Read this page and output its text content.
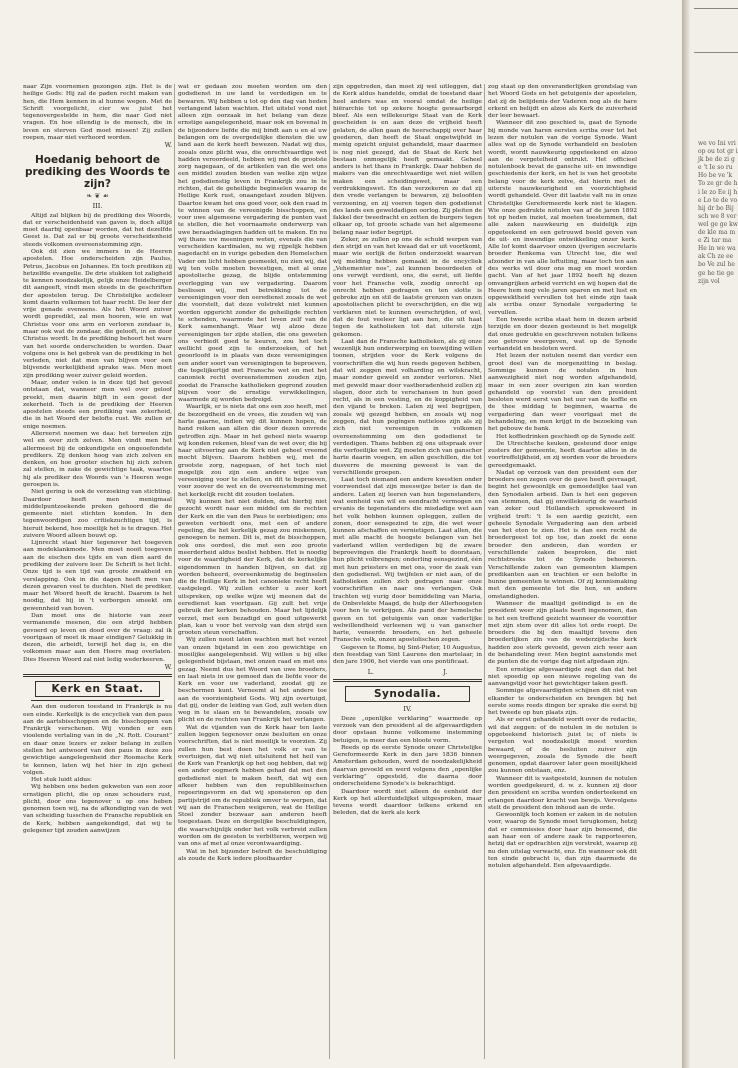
naar Zijn voornemen gezongen zijn. Het is de heilige Gods: Hij zal de paden recht maken van hen, die Hem kennen in al hunne wegen. Met de Schrift voorgelicht, cier we juist het tegenovergestelde in hem, die naar God niet vragen. En hoe ellendig is de mensch, die in leven en sterven God moet missen! Zij zullen roepen, maar niet verhoord worden.

W.

Hoedanig behoort de prediking des Woords te zijn?
❧ ❦ ☙
III.

Altijd zal blijken bij de prediking des Woords, dat er verscheidenheid van gaven is, doch altijd moet daarbij openbaar worden, dat het dezelfde Geest is. Dat zal er bij groote verscheidenheid steeds volkomen overeenstemming zijn.

Ook dit zien we immers in de Heeren apostelen. Hoe onderscheiden zijn Paulus, Petrus, Jacobus en Johannes. En toch prediken zij hetzelfde evangelie. De drie stukken tot zaligheid te kennen noodzakelijk, gelijk onze Heidelberger dit aangeeft, vindt men steeds in de geschriften der apostelen terug. De Christelijke acdeleer komt daarin volkomen tot haar recht. De leer der vrije genade eveneens. Als het Woord zuiver wordt gepredikt, zal men hooren, wie en wat Christus voor ons arm en verloren zondaar is, maar ook wat de zondaar, die gelooft, in en door Christus wordt. In de prediking behoort het ware van het soorde onderscheiden te worden. Daar volgens ons is het gebrek van de prediking in het verleden, niet dat men van blijven voor een blijvende werkelijkheid sprake was. Men moet zijn prediking weer zuiver geleid worden.

Maar, onder velen is in deze tijd het gevoel ontstaan dat, wanneer men wel over geloof preekt, men daarin blijft in een geest der zekerheid. Toch is de prediking der Heeren apostelen steeds een prediking van zekerheid, die in het Woord der belofte rust. We zullen er enige noemen.

Allereerst noemen we daa: het terwelen zijn wel en over zich zelven. Men vindt men het allermeest bij de onkundigste en ongeoefendste predikers. Zij denken hoog van zich zelven en denken, en hoe grooter eischen hij zich zelven zal stellen, in zake de gewichtige taak, waartoe hij als prediker des Woords van 's Heeren wege geroepen is.

Niet gering is ook de verzoeking van stichting. Daardoor heeft men menigmaal middelpuntzoekende preken gehoord die de gemeente niet stichten konden. In den tegenwoordigen zoo critiekzuchtigen tijd, is hieruit bekend, hoe moeilijk het is te dragen. Het zuivere Woord alleen bouwt op.

Lijnrecht staat hier tegenover het toegeven aan modeklankmode. Men moet nooit toegeven aan de eischen des tijds en van dien aard de prediking der zuivere leer. De Schrift is het licht. Onze tijd is een tijd van groote zwakheid en verslapping. Ook in die dagen heeft men van dezen gevaren veel te duchten. Niet de prediker, maar het Woord heeft de kracht. Daarom is het noodig, dat hij in 't verborgen smeekt om gewennheid van boven.

Dan moet ons de historie van zeer vermanende meenen, die een strijd hebben gevoerd op leven en dood over de vraag: zal ik voortgaan of moet ik maar eindigen? Gelukkig in dezen, die arbeidt, terwijl het dag is, en die volkomen maar aan den Heere mag overlaten. Dies Heeren Woord zal niet ledig wederkeeren.

W.

Kerk en Staat.

Aan den ouderen toestand in Frankrijk is nu een einde. Kerkelijk is de encycliek van den paus aan de aartsbisschoppen en de bisschoppen van Frankrijk verschenen. Wij vonden er een vioolende vertaling van in de „N. Rott. Courant” en daar onze lezers er zeker belang in zullen stellen het antwoord van den paus in deze zoo gewichtige aangelegenheid der Roomsche Kerk te kennen, laten wij het hier in zijn geheel volgen.

Het stuk luidt aldus:

Wij hebben ons heden gekweten van een zoor ernstigen plicht, die op onze schouders rust, plicht, door ons tegenover u op ons heben genomen toen wij, na de afkondiging van de wet van scheiding tusschen de Fransche republiek en de Kerk, hebben aangekondigd, dat wij te gelegener tijd zouden aanwijzen

wat er gedaan zou moeten worden om den godsdienst in uw land te verdedigen en te bewaren. Wij hebben u tot op den dag van heden verlangend laten wachten. Het uitstel vond niet alleen zijn oorzaak in het belang van deze ernstige aangelegenheid, maar ook en bovenal in de bijzondere liefde die mij bindt aan u en al uw belangen om de overgedelijke diensten die uw land aan de kerk heeft bewezen. Nadat wij dus, zooals onze plicht was, die onrechtvaardige wet hadden veroordeeld, hebben wij met de grootste zorg nagegaan, of de artikelen van die wet ons een middel zouden bieden van welke zijn wijze het godsdienstig leven in Frankrijk zou in te richten, dat de geheiligde beginselen waarop de Heilige Kerk rust, onaangetast zouden blijven. Daartoe kwam het ons goed voor, ook den raad in te winnen van de vereenigde bisschoppen, en voor uwe algemeene vergadering de punten vast te stellen, die het voornaamste onderwerp van uwe beraadslagingen hadden uit te maken. En nu wij thans uw meeningen weten, evenals die van verscheiden kardinalen, nu wij rijpelijk hebben nagedacht en in vurige gebeden den Hemelschen Vader om licht hebben gesmeekt, nu zien wij, dat wij ten volle moeten bevestigen, met al onze apostolische gezag, de blijde ontstemming overlegging van uw vergadering. Daarom beslissen wij, met betrekking tot de vereenigingen voor den eeredienst zooals de wet die voorstelt, dat deze volstrekt niet kunnen worden opgericht zonder de geheiligde rechten te schenden, waarmede het leven zelf van de Kerk samenhangt. Waar wij alzoo deze vereenigingen ter zijde stellen, die ons geweten ons verbiedt goed te keuren, zou het toch wellicht goed zijn te onderzoeken, of het geoorloofd is in plaats van deze vereenigingen een ander soort van vereenigingen te beproeven, die tegelijkertijd met Fransche wet en met het canoniek recht overeenstemmen zouden zijn, zoodat de Fransche katholieken gegrond zouden blijven voor de ernstige verwikkelingen, waarmede zij worden bedreigd.

Waarlijk, er is niets dat ons een zoo heeft, met de bezorgdheid en de vrees, die zouden wij van harte gaarne, indien wij dit kunnen hopen, de hand reiken aan allen die door dezen onvrede getroffen zijn. Maar in het geheel niets waarop wij konden rekenen, bleef van de wet over, die bij haar uitvoering aan de Kerk niet geheel vreemd mocht blijven. Daarom hebben wij, met de grootste zorg, nagegaan, of het toch niet mogelijk zou zijn een andere wijze van vereeniging voor te stellen, en dit te beproeven, voor zoover de wet en de overeenstemming met het kerkelijk recht dit zouden toelaten.

Wij kunnen het niet dulden, dat hierbij niet gezocht wordt naar een middel om de rechten der Kerk en die van den Paus te eerbiedigen; ons geweten verbiedt ons, met een of andere regeling, die het kerkelijk gezag zou miskennen, genoegen te nemen. Dit is, met de bisschoppen, ook ons oordeel, die met een zoo groote meerderheid aldus beslist hebben. Het is noodig voor de waardigheid der Kerk, dat de kerkelijke eigendommen in handen blijven, en dat zij worden beheerd, overeenkomstig de beginselen die de Heilige Kerk in het canonieke recht heeft vastgelegd. Wij zullen echter u zeer kort uitspreken, op welke wijze wij meenen dat de eeredienst kan voortgaan. Gij zult het vrije gebruik der kerken behouden. Maar het lijdelijk verzet, met een bezadigd en goed uitgewerkt plan, kan u voor het vervolg van den strijd een grooten steun verschaffen.

Wij zullen nooit laten wachten met het verzet van onzen bijstand in een zoo gewichtige en moeilijke aangelegenheid. Wij willen u bij elke gelegenheid bijstaan, met onzen raad en met ons gezag. Neemt dus het Woord van uwe broeders, en laat niets in uw gemoed dan de liefde voor de Kerk en voor uw vaderland, zoodat gij ze beschermen kunt. Verneemt al het andere toe aan de voorzienigheid Gods. Wij zijn overtuigd, dat gij, onder de leiding van God, zult weten dien weg in te slaan en te bewandelen, zooals uw plicht en de rechten van Frankrijk het verlangen.

Wat de vijanden van de Kerk haar ten laste zullen leggen tegenover onze besluiten en onze voorschriften, dat is niet moeilijk te voorzien. Zij zullen hun best doen het volk er van te overtuigen, dat wij niet uitsluitend het heil van de Kerk van Frankrijk op het oog hebben, dat wij een ander oogmerk hebben gehad dat met den godsdienst niet te maken heeft, dat wij een afkeer hebben van den republikeinschen regeeringsvorm en dat wij sponsieren op den partijstrijd om de republiek omver te werpen, dat wij aan de Franschen weigeren, wat de Heilige Stoel zonder bezwaar aan anderen heeft toegestaan. Deze en dergelijke beschuldigingen, die waarschijnlijk onder het volk verbreid zullen worden om de geesten te verbitteren, werpen wij van ons af met al onze verontwaardiging.

Wat in het bijzonder betreft de beschuldiging als zoude de Kerk iedere plooibaarder

zijn opgetreden, dan moet zij wel uitleggen, dat de Kerk aldus handelde, omdat de toestand daar heel anders was en vooral omdat de heilige hiërarchie tot op zekere hoogte gewaarborgd bleef. Als een willekeurige Staat van de Kerk gescheiden is en aan deze de vrijheid heeft gelaten, de allen gaan de heerschappij over haar goederen, dan heeft de Staat ongetwijfeld in menig opzicht onjuist gehandeld, maar daarmee is nog niet gezegd, dat de Staat de Kerk het bestaan onmogelijk heeft gemaakt. Geheel anders is het thans in Frankrijk. Daar hebben de makers van die onrechtvaardige wet niet willen maken een scheidingswet, maar een verdrukkingswet. En dan verzekeren ze dat zij den vrede verlangen te bewaren, zij beloofden verzoening, en zij voeren tegen den godsdienst des lands een geweldadigen oorlog. Zij pleiten de fakkel der tweedracht en zetten de burgers tegen elkaar op, tot groote schade van het algemeene belang naar ieder begrijpt.

Zeker, ze zullen op ons de schuld werpen van den strijd en van het kwaad dat er uit voortkomt, maar wie eerlijk de feiten onderzoekt waarvan wij melding hebben gemaakt in de encycliek „Vehementer nos”, zal kunnen beoordeelen of ons verwijt verdient, ons, die eerst, uit liefde voor het Fransche volk, zoodig onrecht op onrecht hebben gedragen en ten slotte is gebroke zijn en stil de laatste grenzen van onzen apostolischen plicht te overschrijden, en die wij verklaren niet te kunnen overschrijden, of wel, dat de fout veeleer ligt aan hen, die uit haat tegen de katholieken tot dat uiterste zijn gekomen.

Laat dan de Fransche katholieken, als zij onze wezenlijk hun onderwerping en toewijding willen toonen, strijden voor de Kerk volgens de voorschriften die wij hun reeds gegeven hebben, dat wil zeggen met volharding en wilskracht, maar zonder geweld en zonder verloren. Niet met geweld maar door vastberadenheid zullen zij slagen, door zich te verschansen in hun goed recht, als in een vesting, en de koppigheid van den vijand te breken. Laten zij wel begrijpen, zooals wij gezegd hebben, en zooals wij nog zeggen, dat hun pogingen nutteloos zijn als zij zich niet vereenigen in volkomen overeenstemming om den godsdienst te verdedigen. Thans hebben zij ons uitspraak over die verfoeilijke wet. Zij moeten zich van ganscher harte daarin voegen, en allen geschillen, die tot dusverre de meening geweest is van de verschillende groepen.

Laat toch niemand een andere kwestien onder voorwendsel dat zijn meeswijze beter is dan de andere. Laten zij leeren van hun tegenstanders, wat eenheid van wil en eendracht vermogen en ervanis de tegenstanders die misdadige wet aan het volk hebben kunnen opleggen, zullen de zonen, door eensgezind te zijn, die wet weer kunnen afschaffen en vernietigen. Laat allen, die met alle macht de hoogste belangen van het vaderland willen verdedigen bij de zware beproevingen die Frankrijk heeft te doorstaan, hun plicht volbrengen; onderling eensgezind, één met hun priesters en met ons, voor de zaak van den godsdienst. Wij twijfelen er niet aan, of de katholieken zullen zich gedragen naar onze voorschriften en naar ons verlangen. Ook trachten wij vurig door bemiddeling van Maria, de Onbevlekte Maagd, de hulp der Allerhoogsten voor hen te verkrijgen. Als pand der hemelsche gaven en tot getuigenis van onze vaderlijke welwillendheid verleenen wij u van ganscher harte, veneerde broeders, en het geheele Fransche volk, onzen apostolischen zegen.

Gegeven te Rome, bij Sint-Pieter, 10 Augustus, den feestdag van Sint Laurens den martelaar, in den jare 1906, het vierde van ons pontificaat.

L.	J.
Synodalia.
IV.

Deze „openlijke verklaring” waarmede op verzoek van den president al de afgevaardigden door opstaan hunne volkomene instemming betuigen, is meer dan een bloote vorm.

Reeds op de eerste Synode onzer Christelijke Gereformeerde Kerk in den jare 1836 binnen Amsterdam gehouden, werd de noodzakelijkheid daarvan gevoeld en werd volgens den „openlijke verklaring” opgesteld, die daarna door onderscheidene Synode's is bekrachtigd.

Daardoor wordt niet alleen de eenheid der Kerk op het allerduidelijkst uitgesproken, maar tevens wordt daardoor telkens erkend en beleden, dat de kerk als kerk

zog staat op den onveranderlijken grondslag van het Woord Gods en het getuigenis der apostelen, dat zij de belijdenis der Vaderen nog als de hare erkent en belijdt en alzoo als Kerk de zuiverheid der leer bewaart.

Wanneer dit zoo geschied is, gaat de Synode bij monde van haren eersten scriba over tot het lezen der notulen van de vorige Synode. Want alles wat op de Synode verhandeld en besloten wordt, wordt nauwkeurig opgeteekend en alzoo aan de vergetelheid ontrukt. Het officieel notulenboek bevat de gansche uit- en inwendige geschiedenis der kerk, en het is van het grootste belang voor de kerk zelve, dat hierin met de uiterste nauwkeurigheid en voorzichtigheid wordt gehandeld. Over dit laatste valt nu in onze Christelijke Gereformeerde kerk niet te klagen. Wie onze gedrukte notulen van af de jaren 1892 tot op heden inziet, zal moeten toestemmen, dat alle zaken nauwkeurig en duidelijk zijn opgeteekend en een getrouwd beeld geven van de uit- en inwendige ontwikkeling onzer kerk. Alle lof komt daarvoor onzen ijverigen secretaris broeder Renkema van Utrecht toe, die wel afzonder in van alle loftuiting, maar toch ten aan des werks wil door ons mag en moet worden gacht. Van af het jaar 1892 heeft hij dezen omvangrijken arbeid verricht en wij hopen dat de Heere hem nog vele jaren sparen en met lust en opgewektheid vervullen tot het einde zijn taak als scriba onzer Synodale vergadering te vervullen.

Een tweede scriba staat hem in dezen arbeid terzijde en door dezen gesteund is het mogelijk dat onze gedrukte en geschreven notulen telkens zoo getrouw weergeven, wat op de Synode verhandeld en besloten werd.

Het lezen der notulen neemt dan verder een groot deel van de morgenzitting in beslag. Sommige kunnen de notulen in hun aanwezigheid niet nog worden afgehandeld, maar in een zeer overigen zin kan worden gehandeld op voorstel van den president besloten werd eerst van het uur van de koffie en de thee middag te beginnen, waarna de vergadering dan weer voortgaat met de behandeling, en men krijgt in de bezoeking van het gebouw de bank.

Het koffiedrinken geschiedt op de Synode zelf.

De Utrechtsche keuken, gesteund door enige zusters der gemeente, heeft daartoe alles in de voortreffelijkheid, en zij worden voor de broeders gereedgemaakt.

Nadat op verzoek van den president een der broeders een zegen over de gave heeft gevraagd, begint het gewoonlijk en gemoedelijke taal van den Synodalen arbeid. Dan is het een gegeven van stemmen, dat gij onwillekeurig de waarheid van zeker oud Hollandsch spreekwoord in vrijheid treft: 't Is een aardig gezicht, een geheele Synodale Vergadering aan den arbeid van het eten te zien. Het is dan een recht de broedergeest tot op toe, dan zoekt de eene broeder den anderen, dan worden er verschillende zaken besproken, die niet rechtstreeks tot de Synode behooren. Verschillende zaken van gemeenten klampen predikanten aan en trachten er een belofte in hunne gemeenten te winnen. Of zij kennismaking met den gemeente tot die hen, en andere omstandigheden.

Wanneer de maaltijd geëindigd is en de president weer zijn plaats heeft ingenomen, dan is het een treffend gezicht wanneer de voorzitter met zijn stem over dit alles tot orde roept. De broeders die bij den maaltijd tevens den broederlijken zin van de wederzijdsche kerk hadden zoo sterk gevoeld, geven zich weer aan de behandeling over. Men begint aanstonds met de punten die de vorige dag niet afgedaan zijn.

Een ernstige afgevaardigde zegt dan dat het niet spoedig op een nieuwe regeling van de aanvangstijd voor het gewichtiger taken geeft.

Sommige afgevaardigden schijnen dit niet van elkander te onderscheiden en brengen bij het eerste soms reeds dingen ter sprake die eerst bij het tweede op hun plaats zijn.

Als er eerst gehandeld wordt over de redactie, wil dat zeggen: of de notulen in de notulen is opgeteekend historisch juist is; of niets is vergeten wat noodzakelijk moest worden bewaard, of de besluiten zuiver zijn weergegeven, zooals de Synode die heeft genomen, opdat daarover later geen moeilijkheid zou kunnen ontstaan, enz.

Wanneer dit is vastgesteld, kunnen de notulen worden goedgekeurd, d. w. z. kunnen zij door den president en scriba worden onderteekend en erlangen daardoor kracht van bewijs. Vervolgens stelt de president den inhoud aan de orde.

Gewoonlijk toch komen er zaken in de notulen voor, waarop de Synode moet terugkomen, hetzij dat er commissies door haar zijn benoemd, die aan haar een of andere zaak te rapporteeren, hetzij dat er opdrachten zijn verstrekt, waarop zij nu den uitslag verwacht, enz. En wanneer ook dit ten einde gebracht is, dan zijn daarmede de notulen afgehandeld. Een afgevaardigde.

we vo Ini vri op ou tot gr ijk be de zi ge 't Ie so ru Ho be ve 'k To ze gr de hi le zo Ee ij he Lo te de vo hij dr bo Bij sch we 8 ver wel ge ge kw de kle ma me Zi tar ma He in we wa ak Ch ze ee bo Ve zul he ge he tie ge zijn vol
